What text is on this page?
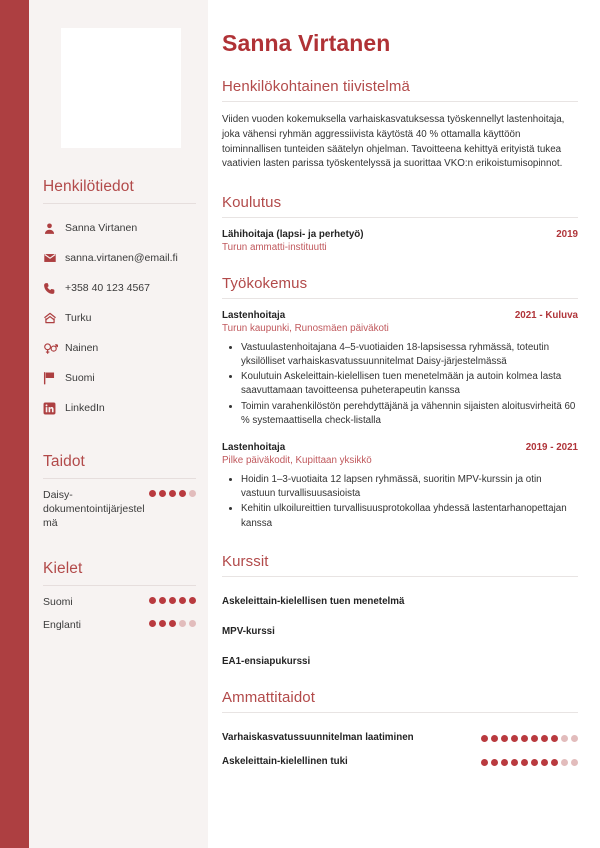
Henkilötiedot
Sanna Virtanen
sanna.virtanen@email.fi
+358 40 123 4567
Turku
Nainen
Suomi
LinkedIn
Taidot
Daisy-dokumentointijärjestelmä
Kielet
Suomi
Englanti
Sanna Virtanen
Henkilökohtainen tiivistelmä

Viiden vuoden kokemuksella varhaiskasvatuksessa työskennellyt lastenhoitaja, joka vähensi ryhmän aggressiivista käytöstä 40 % ottamalla käyttöön toiminnallisen tunteiden säätelyn ohjelman. Tavoitteena kehittyä erityistä tukea vaativien lasten parissa työskentelyssä ja suorittaa VKO:n erikoistumisopinnot.

Koulutus
Lähihoitaja (lapsi- ja perhetyö)	2019
Turun ammatti-instituutti
Työkokemus
Lastenhoitaja	2021 - Kuluva
Turun kaupunki, Runosmäen päiväkoti
• Vastuulastenhoitajana 4–5-vuotiaiden 18-lapsisessa ryhmässä, toteutin yksilölliset varhaiskasvatussuunnitelmat Daisy-järjestelmässä
• Koulutuin Askeleittain-kielellisen tuen menetelmään ja autoin kolmea lasta saavuttamaan tavoitteensa puheterapeutin kanssa
• Toimin varahenkilöstön perehdyttäjänä ja vähennin sijaisten aloitusvirheitä 60 % systemaattisella check-listalla
Lastenhoitaja	2019 - 2021
Pilke päiväkodit, Kupittaan yksikkö
• Hoidin 1–3-vuotiaita 12 lapsen ryhmässä, suoritin MPV-kurssin ja otin vastuun turvallisuusasioista
• Kehitin ulkoilureittien turvallisuusprotokollaa yhdessä lastentarhanopettajan kanssa
Kurssit
Askeleittain-kielellisen tuen menetelmä
MPV-kurssi
EA1-ensiapukurssi
Ammattitaidot
Varhaiskasvatussuunnitelman laatiminen
Askeleittain-kielellinen tuki
